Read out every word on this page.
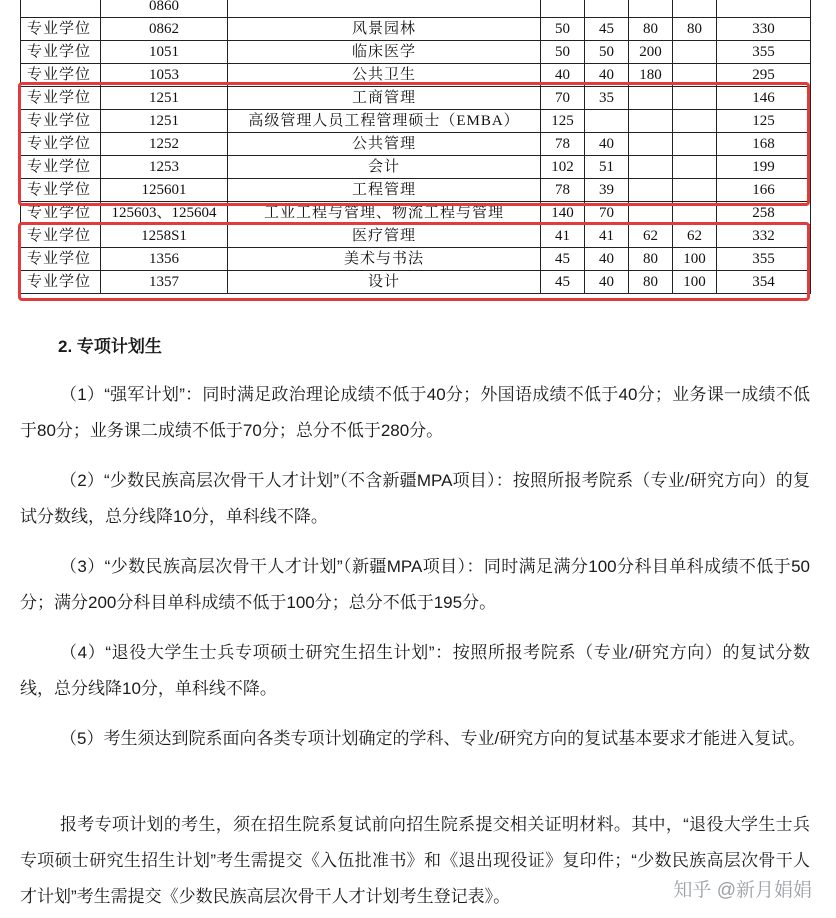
	0860						
专业学位	0862	风景园林	50	45	80	80	330
专业学位	1051	临床医学	50	50	200		355
专业学位	1053	公共卫生	40	40	180		295
专业学位	1251	工商管理	70	35			146
专业学位	1251	高级管理人员工程管理硕士（EMBA）	125				125
专业学位	1252	公共管理	78	40			168
专业学位	1253	会计	102	51			199
专业学位	125601	工程管理	78	39			166
专业学位	125603、125604	工业工程与管理、物流工程与管理	140	70			258
专业学位	1258S1	医疗管理	41	41	62	62	332
专业学位	1356	美术与书法	45	40	80	100	355
专业学位	1357	设计	45	40	80	100	354
2. 专项计划生

（1）“强军计划”：同时满足政治理论成绩不低于40分；外国语成绩不低于40分；业务课一成绩不低于80分；业务课二成绩不低于70分；总分不低于280分。

（2）“少数民族高层次骨干人才计划”（不含新疆MPA项目）：按照所报考院系（专业/研究方向）的复试分数线，总分线降10分，单科线不降。

（3）“少数民族高层次骨干人才计划”（新疆MPA项目）：同时满足满分100分科目单科成绩不低于50分；满分200分科目单科成绩不低于100分；总分不低于195分。

（4）“退役大学生士兵专项硕士研究生招生计划”：按照所报考院系（专业/研究方向）的复试分数线，总分线降10分，单科线不降。

（5）考生须达到院系面向各类专项计划确定的学科、专业/研究方向的复试基本要求才能进入复试。

报考专项计划的考生，须在招生院系复试前向招生院系提交相关证明材料。其中，“退役大学生士兵专项硕士研究生招生计划”考生需提交《入伍批准书》和《退出现役证》复印件；“少数民族高层次骨干人才计划”考生需提交《少数民族高层次骨干人才计划考生登记表》。	知乎 @新月娟娟
